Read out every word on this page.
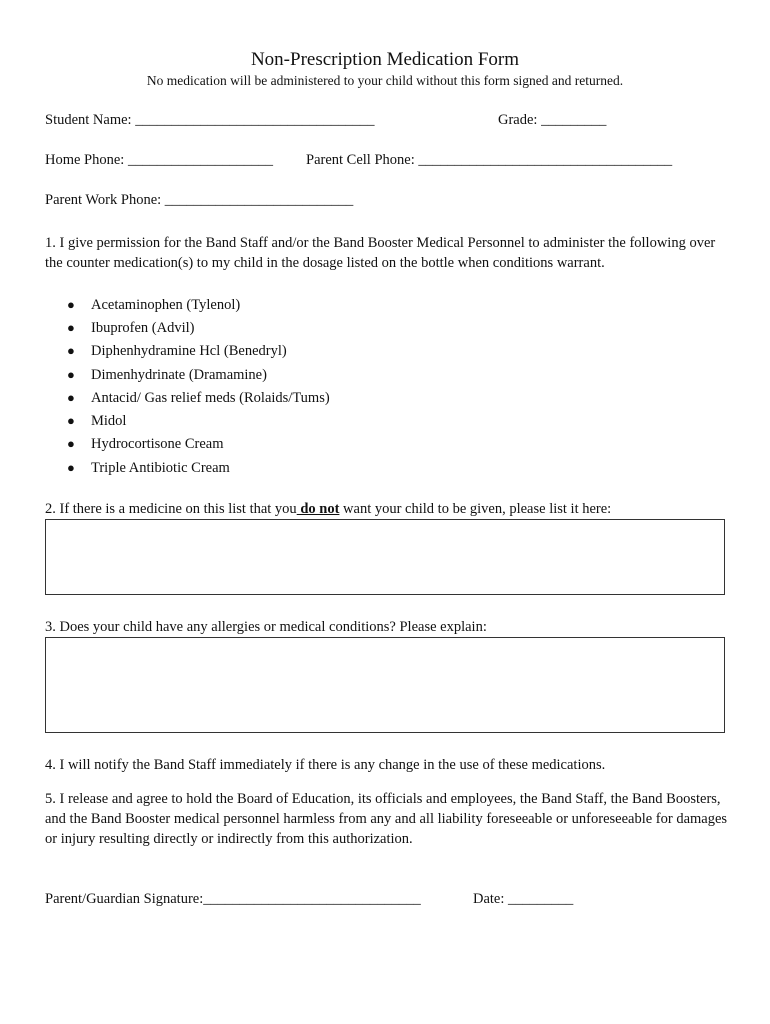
Non-Prescription Medication Form
No medication will be administered to your child without this form signed and returned.
Student Name: _________________________________	Grade: _________
Home Phone: ____________________ Parent Cell Phone: ___________________________________
Parent Work Phone: __________________________
1. I give permission for the Band Staff and/or the Band Booster Medical Personnel to administer the following over the counter medication(s) to my child in the dosage listed on the bottle when conditions warrant.
●	Acetaminophen (Tylenol)
●	Ibuprofen (Advil)
●	Diphenhydramine Hcl (Benedryl)
●	Dimenhydrinate (Dramamine)
●	Antacid/ Gas relief meds (Rolaids/Tums)
●	Midol
●	Hydrocortisone Cream
●	Triple Antibiotic Cream
2. If there is a medicine on this list that you do not want your child to be given, please list it here:
3. Does your child have any allergies or medical conditions? Please explain:
4. I will notify the Band Staff immediately if there is any change in the use of these medications.
5. I release and agree to hold the Board of Education, its officials and employees, the Band Staff, the Band Boosters, and the Band Booster medical personnel harmless from any and all liability foreseeable or unforeseeable for damages or injury resulting directly or indirectly from this authorization.
Parent/Guardian Signature:______________________________	Date: _________
